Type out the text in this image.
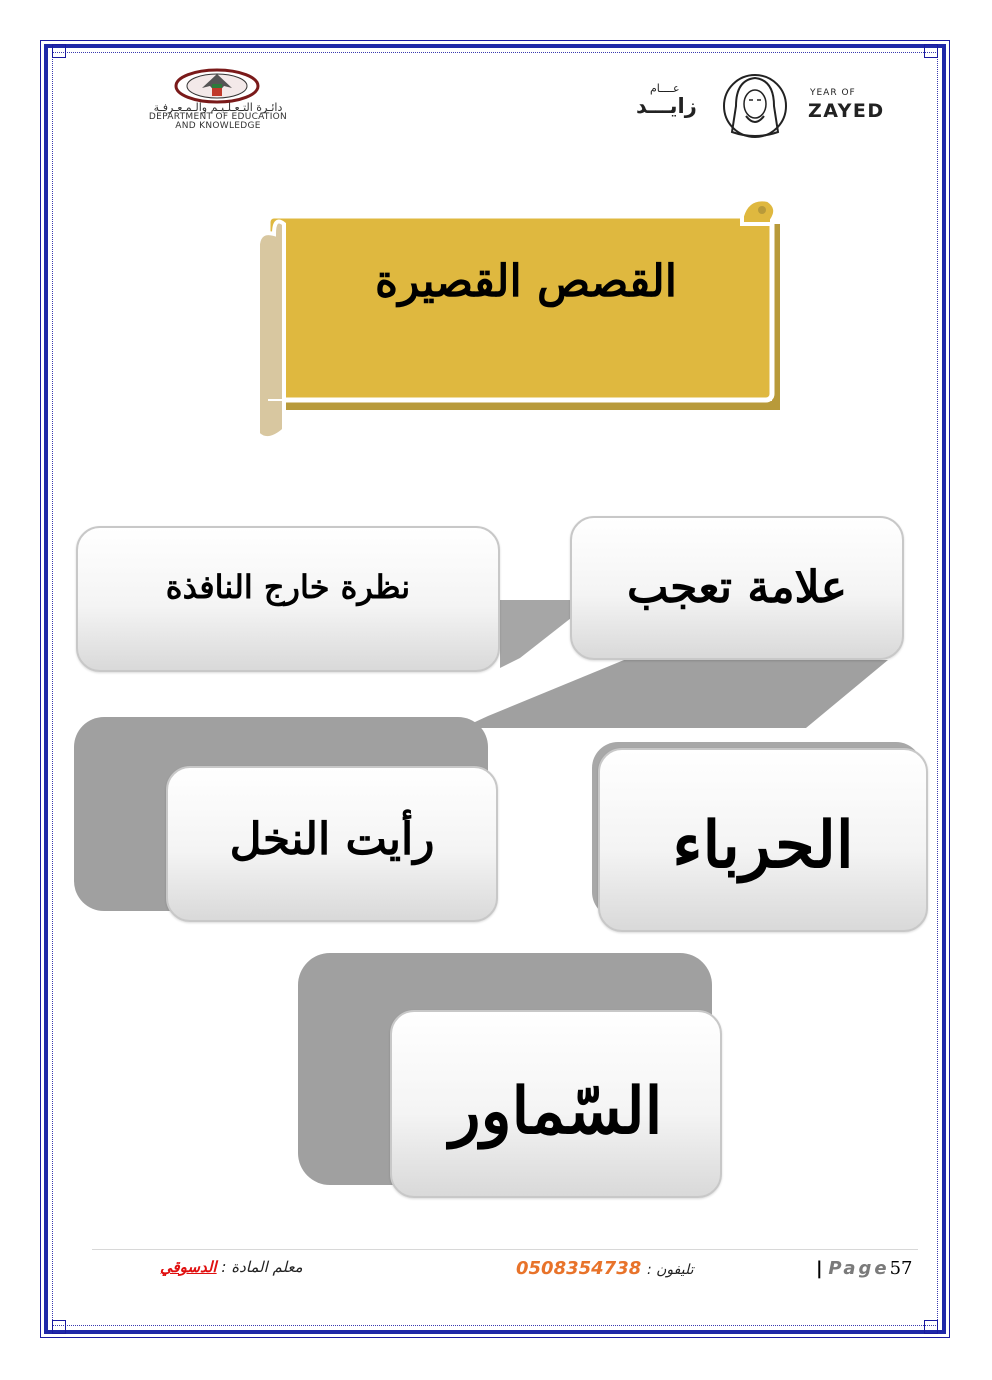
دائـرة التـعـلـيـم والـمـعـرفـة
DEPARTMENT OF EDUCATION
AND KNOWLEDGE
عــــام
زايـــد
YEAR OF
ZAYED
القصص القصيرة
علامة تعجب
نظرة خارج النافذة
الحرباء
رأيت النخل
السّماور
معلم المادة : الدسوقي	تليفون : 0508354738	| Page57
